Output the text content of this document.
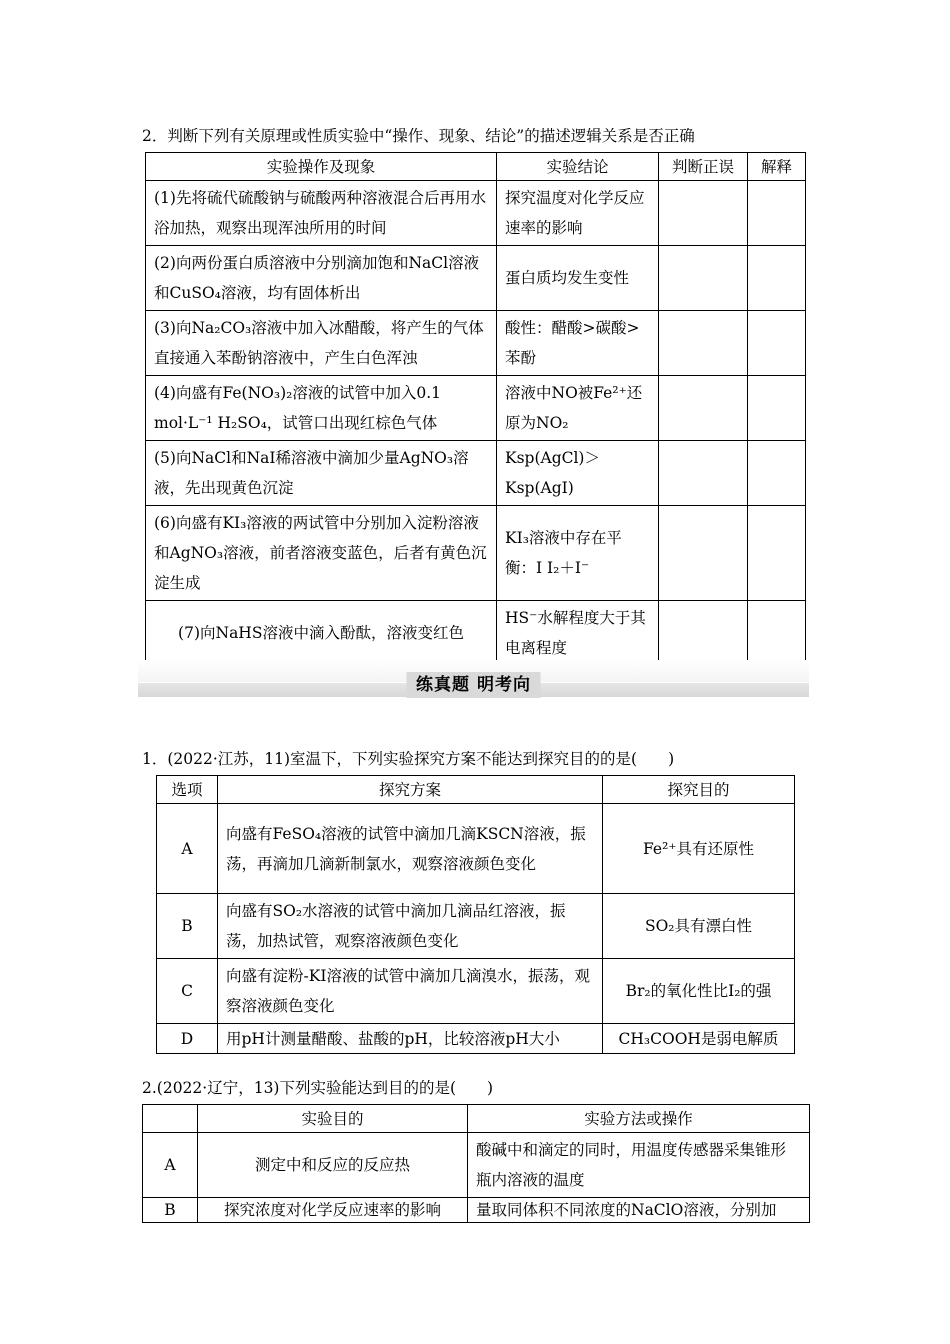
2．判断下列有关原理或性质实验中“操作、现象、结论”的描述逻辑关系是否正确
实验操作及现象	实验结论	判断正误	解释
(1)先将硫代硫酸钠与硫酸两种溶液混合后再用水浴加热，观察出现浑浊所用的时间	探究温度对化学反应速率的影响		
(2)向两份蛋白质溶液中分别滴加饱和NaCl溶液和CuSO₄溶液，均有固体析出	蛋白质均发生变性		
(3)向Na₂CO₃溶液中加入冰醋酸，将产生的气体直接通入苯酚钠溶液中，产生白色浑浊	酸性：醋酸>碳酸>苯酚		
(4)向盛有Fe(NO₃)₂溶液的试管中加入0.1 mol·L⁻¹ H₂SO₄，试管口出现红棕色气体	溶液中NO被Fe²⁺还原为NO₂		
(5)向NaCl和NaI稀溶液中滴加少量AgNO₃溶液，先出现黄色沉淀	Ksp(AgCl)＞Ksp(AgI)		
(6)向盛有KI₃溶液的两试管中分别加入淀粉溶液和AgNO₃溶液，前者溶液变蓝色，后者有黄色沉淀生成	KI₃溶液中存在平衡：I I₂＋I⁻		
(7)向NaHS溶液中滴入酚酞，溶液变红色	HS⁻水解程度大于其电离程度		
练真题 明考向
1．(2022·江苏，11)室温下，下列实验探究方案不能达到探究目的的是(　　)
选项	探究方案	探究目的
A	向盛有FeSO₄溶液的试管中滴加几滴KSCN溶液，振荡，再滴加几滴新制氯水，观察溶液颜色变化	Fe²⁺具有还原性
B	向盛有SO₂水溶液的试管中滴加几滴品红溶液，振荡，加热试管，观察溶液颜色变化	SO₂具有漂白性
C	向盛有淀粉-KI溶液的试管中滴加几滴溴水，振荡，观察溶液颜色变化	Br₂的氧化性比I₂的强
D	用pH计测量醋酸、盐酸的pH，比较溶液pH大小	CH₃COOH是弱电解质
2.(2022·辽宁，13)下列实验能达到目的的是(　　)
	实验目的	实验方法或操作
A	测定中和反应的反应热	酸碱中和滴定的同时，用温度传感器采集锥形瓶内溶液的温度
B	探究浓度对化学反应速率的影响	量取同体积不同浓度的NaClO溶液，分别加
